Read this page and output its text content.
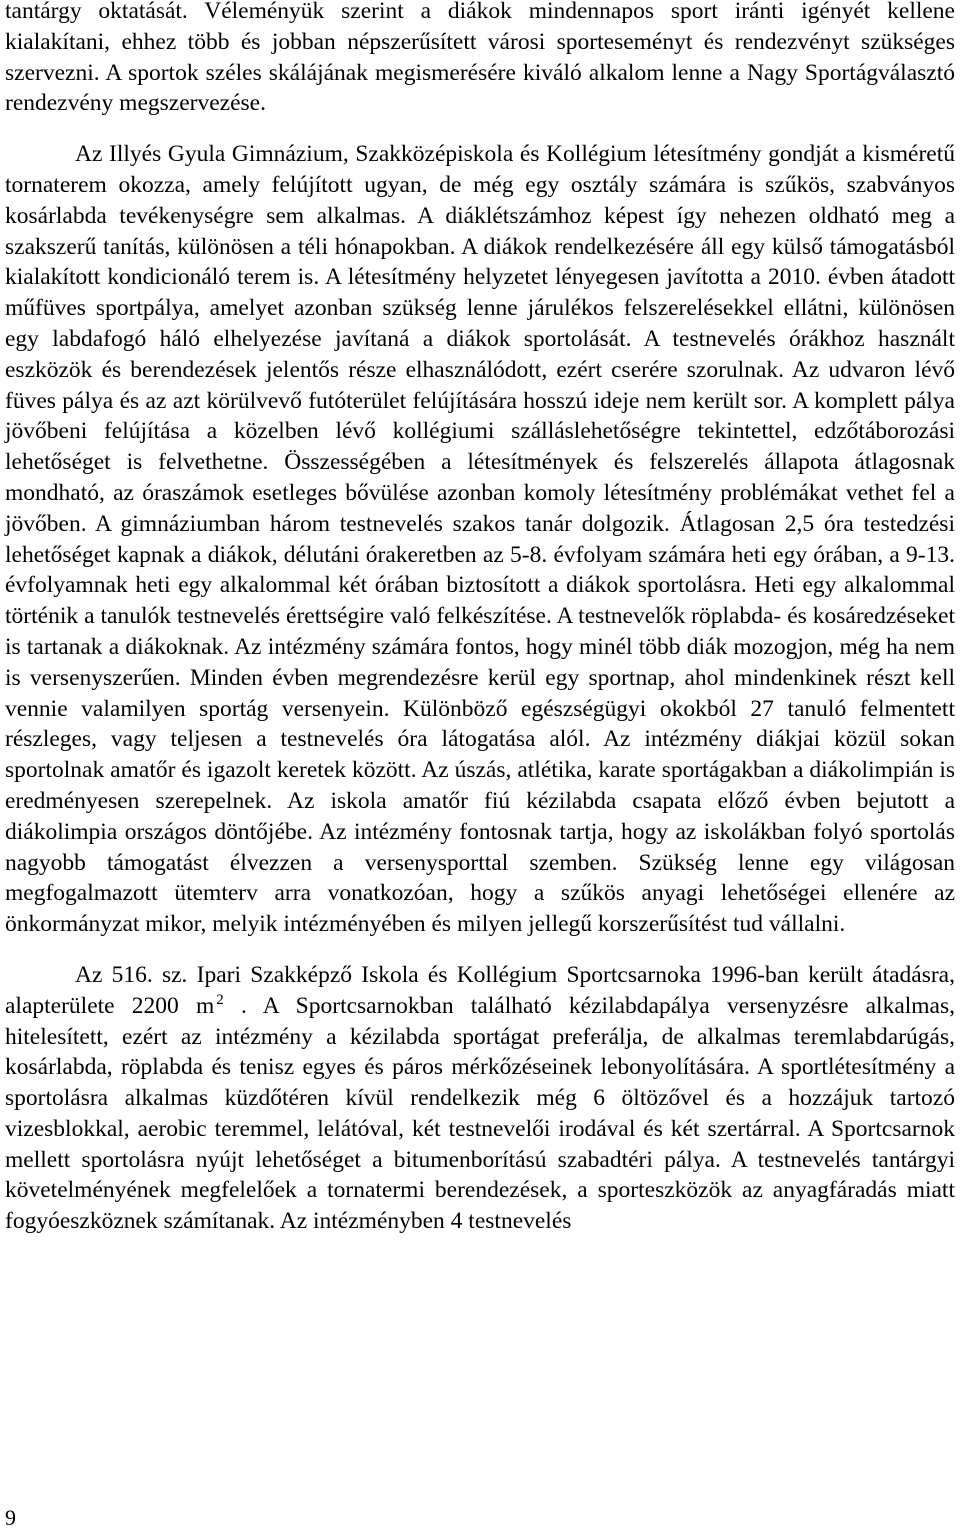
tantárgy oktatását. Véleményük szerint a diákok mindennapos sport iránti igényét kellene kialakítani, ehhez több és jobban népszerűsített városi sporteseményt és rendezvényt szükséges szervezni. A sportok széles skálájának megismerésére kiváló alkalom lenne a Nagy Sportágválasztó rendezvény megszervezése.

Az Illyés Gyula Gimnázium, Szakközépiskola és Kollégium létesítmény gondját a kisméretű tornaterem okozza, amely felújított ugyan, de még egy osztály számára is szűkös, szabványos kosárlabda tevékenységre sem alkalmas. A diáklétszámhoz képest így nehezen oldható meg a szakszerű tanítás, különösen a téli hónapokban. A diákok rendelkezésére áll egy külső támogatásból kialakított kondicionáló terem is. A létesítmény helyzetet lényegesen javította a 2010. évben átadott műfüves sportpálya, amelyet azonban szükség lenne járulékos felszerelésekkel ellátni, különösen egy labdafogó háló elhelyezése javítaná a diákok sportolását. A testnevelés órákhoz használt eszközök és berendezések jelentős része elhasználódott, ezért cserére szorulnak. Az udvaron lévő füves pálya és az azt körülvevő futóterület felújítására hosszú ideje nem került sor. A komplett pálya jövőbeni felújítása a közelben lévő kollégiumi szálláslehetőségre tekintettel, edzőtáborozási lehetőséget is felvethetne. Összességében a létesítmények és felszerelés állapota átlagosnak mondható, az óraszámok esetleges bővülése azonban komoly létesítmény problémákat vethet fel a jövőben. A gimnáziumban három testnevelés szakos tanár dolgozik. Átlagosan 2,5 óra testedzési lehetőséget kapnak a diákok, délutáni órakeretben az 5-8. évfolyam számára heti egy órában, a 9-13. évfolyamnak heti egy alkalommal két órában biztosított a diákok sportolásra. Heti egy alkalommal történik a tanulók testnevelés érettségire való felkészítése. A testnevelők röplabda- és kosáredzéseket is tartanak a diákoknak. Az intézmény számára fontos, hogy minél több diák mozogjon, még ha nem is versenyszerűen. Minden évben megrendezésre kerül egy sportnap, ahol mindenkinek részt kell vennie valamilyen sportág versenyein. Különböző egészségügyi okokból 27 tanuló felmentett részleges, vagy teljesen a testnevelés óra látogatása alól. Az intézmény diákjai közül sokan sportolnak amatőr és igazolt keretek között. Az úszás, atlétika, karate sportágakban a diákolimpián is eredményesen szerepelnek. Az iskola amatőr fiú kézilabda csapata előző évben bejutott a diákolimpia országos döntőjébe. Az intézmény fontosnak tartja, hogy az iskolákban folyó sportolás nagyobb támogatást élvezzen a versenysporttal szemben. Szükség lenne egy világosan megfogalmazott ütemterv arra vonatkozóan, hogy a szűkös anyagi lehetőségei ellenére az önkormányzat mikor, melyik intézményében és milyen jellegű korszerűsítést tud vállalni.

Az 516. sz. Ipari Szakképző Iskola és Kollégium Sportcsarnoka 1996-ban került átadásra, alapterülete 2200 m $^2$ . A Sportcsarnokban található kézilabdapálya versenyzésre alkalmas, hitelesített, ezért az intézmény a kézilabda sportágat preferálja, de alkalmas teremlabdarúgás, kosárlabda, röplabda és tenisz egyes és páros mérkőzéseinek lebonyolítására. A sportlétesítmény a sportolásra alkalmas küzdőtéren kívül rendelkezik még 6 öltözővel és a hozzájuk tartozó vizesblokkal, aerobic teremmel, lelátóval, két testnevelői irodával és két szertárral. A Sportcsarnok mellett sportolásra nyújt lehetőséget a bitumenborítású szabadtéri pálya. A testnevelés tantárgyi követelményének megfelelőek a tornatermi berendezések, a sporteszközök az anyagfáradás miatt fogyóeszköznek számítanak. Az intézményben 4 testnevelés

9
